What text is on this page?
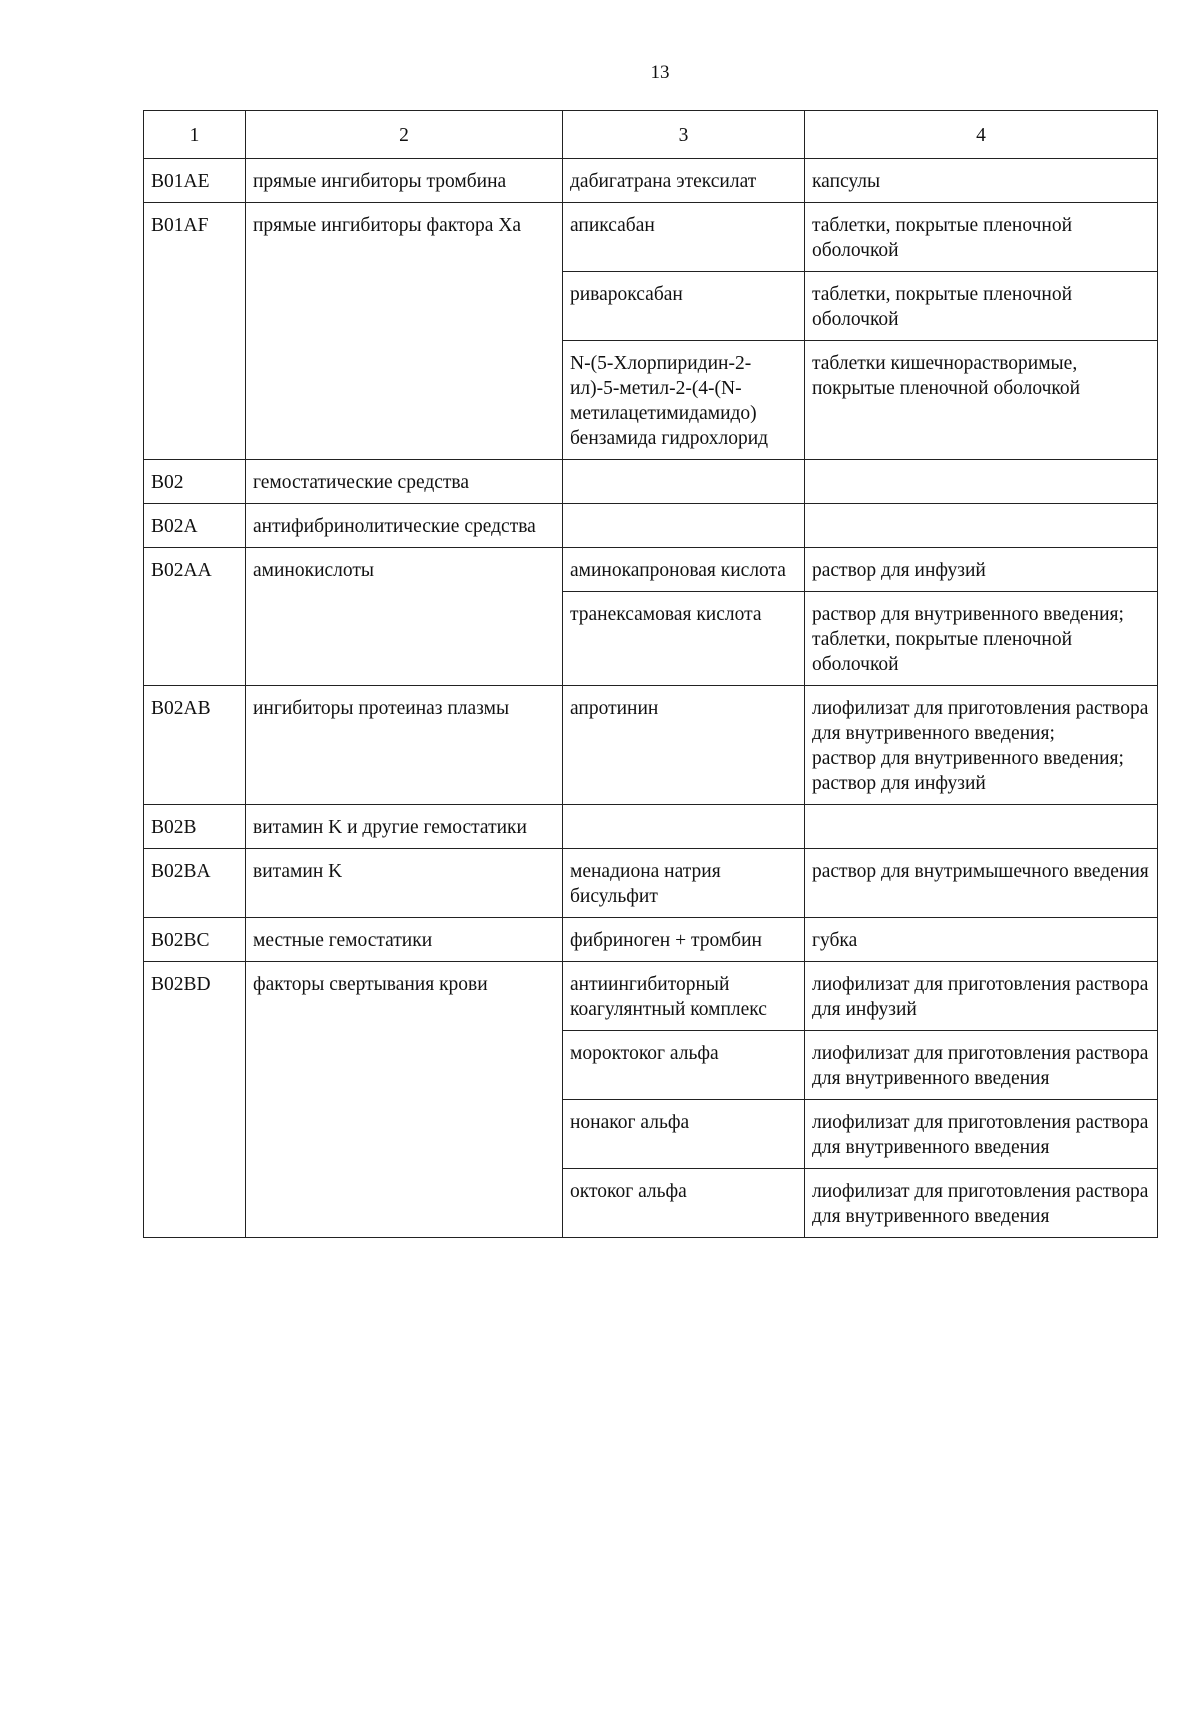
13
1	2	3	4
B01AE	прямые ингибиторы тромбина	дабигатрана этексилат	капсулы
B01AF	прямые ингибиторы фактора Xa	апиксабан	таблетки, покрытые пленочной оболочкой
		ривароксабан	таблетки, покрытые пленочной оболочкой
		N-(5-Хлорпиридин-2-ил)-5-метил-2-(4-(N-метилацетимидамидо) бензамида гидрохлорид	таблетки кишечнорастворимые, покрытые пленочной оболочкой
B02	гемостатические средства		
B02A	антифибринолитические средства		
B02AA	аминокислоты	аминокапроновая кислота	раствор для инфузий
		транексамовая кислота	раствор для внутривенного введения;
таблетки, покрытые пленочной оболочкой
B02AB	ингибиторы протеиназ плазмы	апротинин	лиофилизат для приготовления раствора для внутривенного введения;
раствор для внутривенного введения;
раствор для инфузий
B02B	витамин K и другие гемостатики		
B02BA	витамин K	менадиона натрия бисульфит	раствор для внутримышечного введения
B02BC	местные гемостатики	фибриноген + тромбин	губка
B02BD	факторы свертывания крови	антиингибиторный коагулянтный комплекс	лиофилизат для приготовления раствора для инфузий
		мороктоког альфа	лиофилизат для приготовления раствора для внутривенного введения
		нонаког альфа	лиофилизат для приготовления раствора для внутривенного введения
		октоког альфа	лиофилизат для приготовления раствора для внутривенного введения
